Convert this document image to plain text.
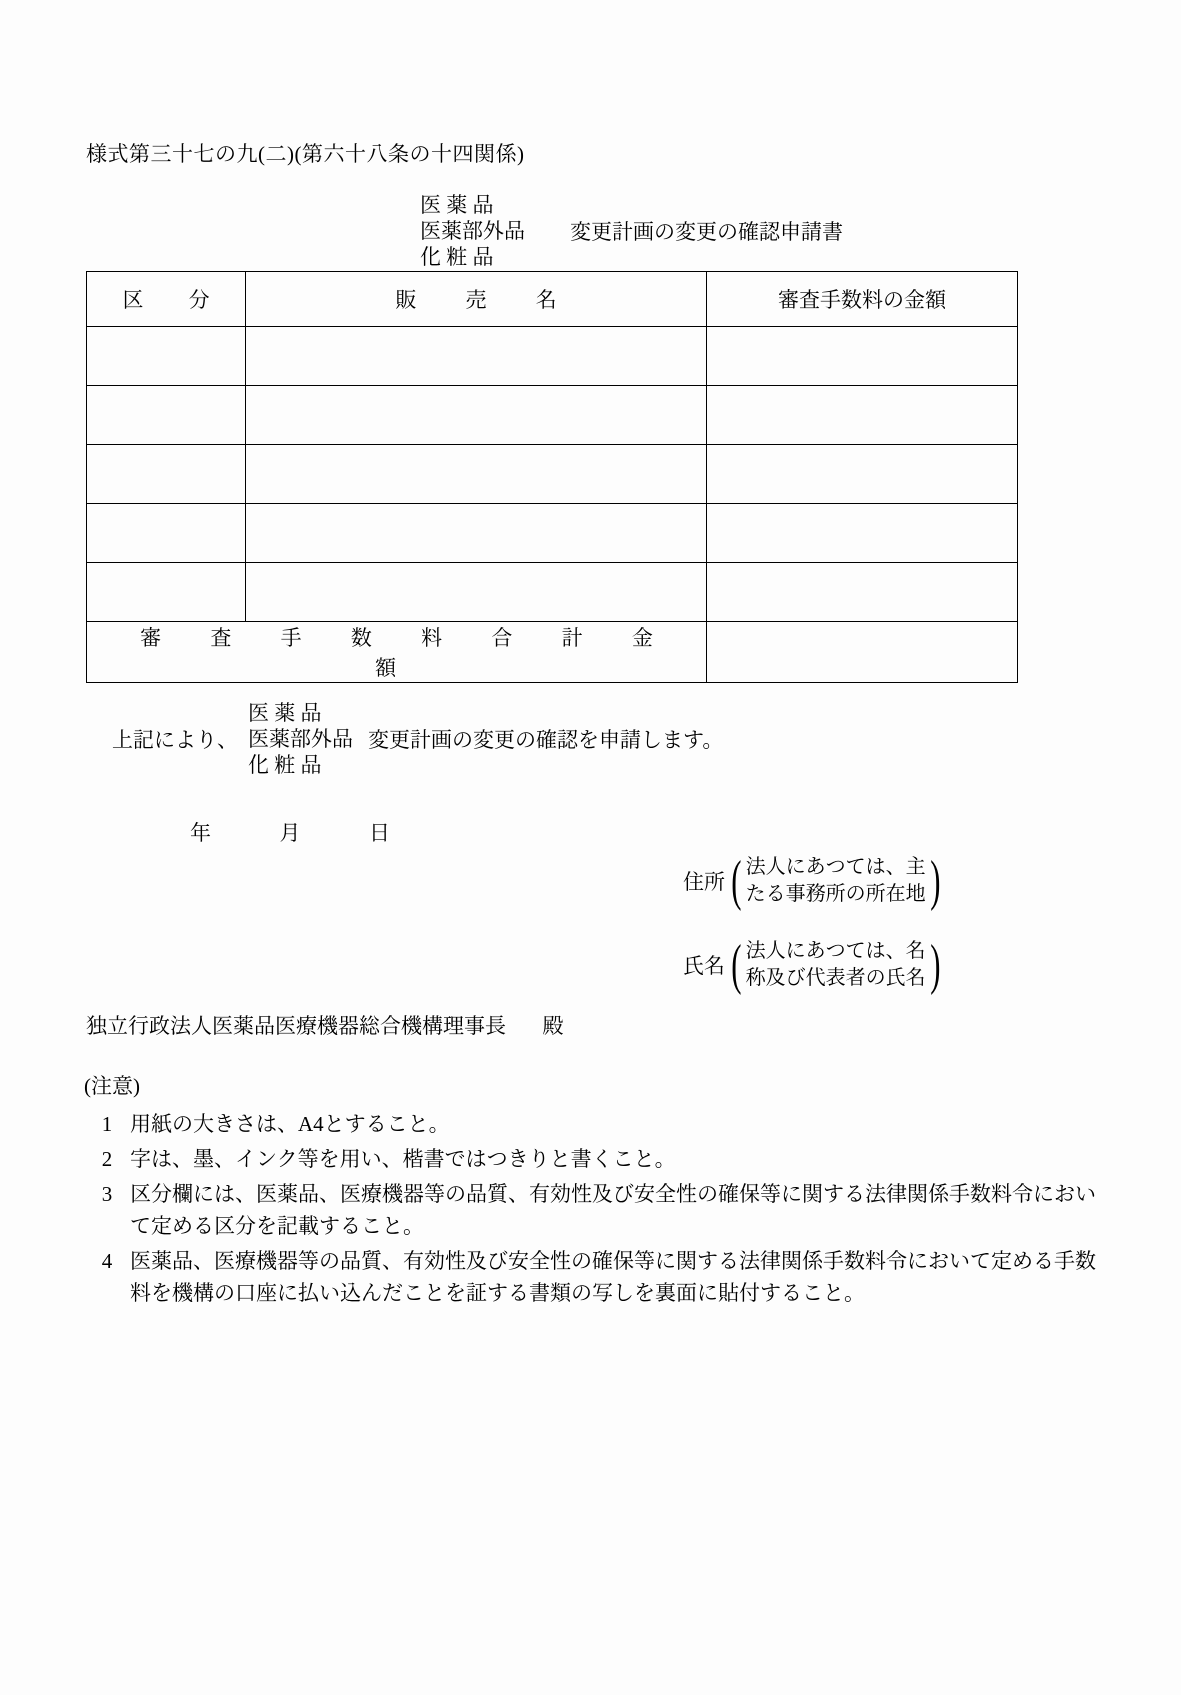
様式第三十七の九(二)(第六十八条の十四関係)
医 薬 品
医薬部外品
化 粧 品
変更計画の変更の確認申請書
区 分	販 売 名	審査手数料の金額

審 査 手 数 料 合 計 金 額		
上記により、
医 薬 品
医薬部外品
化 粧 品
変更計画の変更の確認を申請します。
年	月	日
住所 ( 法人にあつては、主
たる事務所の所在地 )
氏名 ( 法人にあつては、名
称及び代表者の氏名 )
独立行政法人医薬品医療機器総合機構理事長 殿
(注意)
1 用紙の大きさは、A4とすること。
2 字は、墨、インク等を用い、楷書ではつきりと書くこと。
3 区分欄には、医薬品、医療機器等の品質、有効性及び安全性の確保等に関する法律関係手数料令において定める区分を記載すること。
4 医薬品、医療機器等の品質、有効性及び安全性の確保等に関する法律関係手数料令において定める手数料を機構の口座に払い込んだことを証する書類の写しを裏面に貼付すること。
